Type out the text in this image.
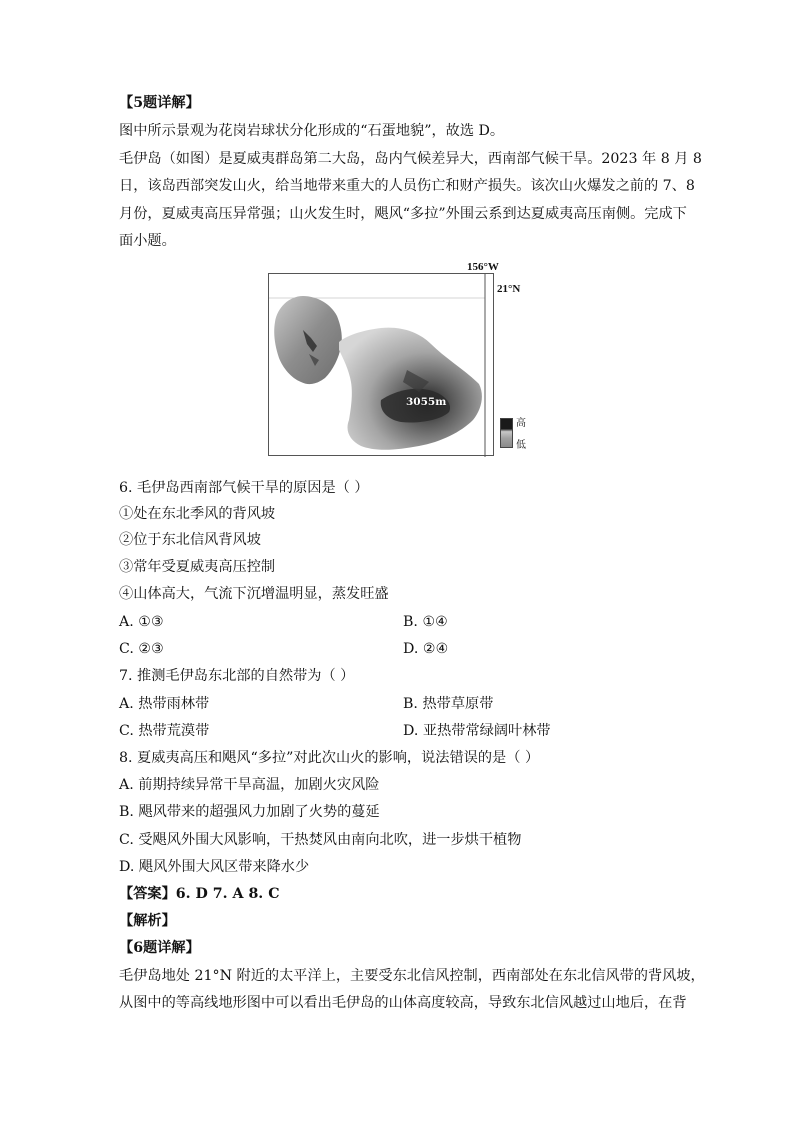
【5题详解】
图中所示景观为花岗岩球状分化形成的“石蛋地貌”，故选 D。
毛伊岛（如图）是夏威夷群岛第二大岛，岛内气候差异大，西南部气候干旱。2023 年 8 月 8
日，该岛西部突发山火，给当地带来重大的人员伤亡和财产损失。该次山火爆发之前的 7、8
月份，夏威夷高压异常强；山火发生时，飓风“多拉”外围云系到达夏威夷高压南侧。完成下
面小题。
156°W
3055m
21°N
高
低
6. 毛伊岛西南部气候干旱的原因是（ ）
①处在东北季风的背风坡
②位于东北信风背风坡
③常年受夏威夷高压控制
④山体高大，气流下沉增温明显，蒸发旺盛
A. ①③	B. ①④
C. ②③	D. ②④
7. 推测毛伊岛东北部的自然带为（ ）
A. 热带雨林带	B. 热带草原带
C. 热带荒漠带	D. 亚热带常绿阔叶林带
8. 夏威夷高压和飓风“多拉”对此次山火的影响，说法错误的是（ ）
A. 前期持续异常干旱高温，加剧火灾风险
B. 飓风带来的超强风力加剧了火势的蔓延
C. 受飓风外围大风影响，干热焚风由南向北吹，进一步烘干植物
D. 飓风外围大风区带来降水少
【答案】6. D 7. A 8. C
【解析】
【6题详解】
毛伊岛地处 21°N 附近的太平洋上，主要受东北信风控制，西南部处在东北信风带的背风坡，
从图中的等高线地形图中可以看出毛伊岛的山体高度较高，导致东北信风越过山地后，在背
